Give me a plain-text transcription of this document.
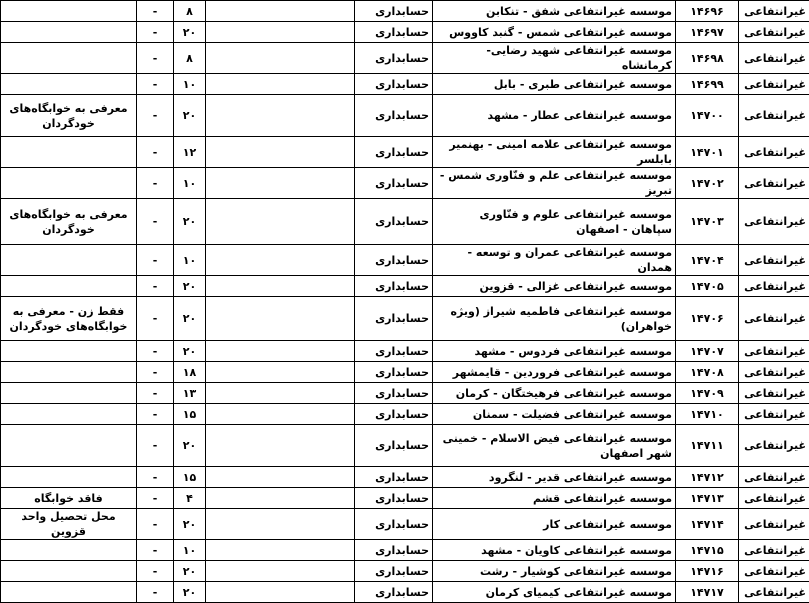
غیرانتفاعی	۱۴۶۹۶	موسسه غیرانتفاعی شفق - تنکابن	حسابداری		۸	-	
غیرانتفاعی	۱۴۶۹۷	موسسه غیرانتفاعی شمس - گنبد کاووس	حسابداری		۲۰	-	
غیرانتفاعی	۱۴۶۹۸	موسسه غیرانتفاعی شهید رضایی- کرمانشاه	حسابداری		۸	-	
غیرانتفاعی	۱۴۶۹۹	موسسه غیرانتفاعی طبری - بابل	حسابداری		۱۰	-	
غیرانتفاعی	۱۴۷۰۰	موسسه غیرانتفاعی عطار - مشهد	حسابداری		۲۰	-	معرفی به خوابگاه‌های خودگردان
غیرانتفاعی	۱۴۷۰۱	موسسه غیرانتفاعی علامه امینی - بهنمیر بابلسر	حسابداری		۱۲	-	
غیرانتفاعی	۱۴۷۰۲	موسسه غیرانتفاعی علم و فنّاوری شمس - تبریز	حسابداری		۱۰	-	
غیرانتفاعی	۱۴۷۰۳	موسسه غیرانتفاعی علوم و فنّاوری سپاهان - اصفهان	حسابداری		۲۰	-	معرفی به خوابگاه‌های خودگردان
غیرانتفاعی	۱۴۷۰۴	موسسه غیرانتفاعی عمران و توسعه - همدان	حسابداری		۱۰	-	
غیرانتفاعی	۱۴۷۰۵	موسسه غیرانتفاعی غزالی - قزوین	حسابداری		۲۰	-	
غیرانتفاعی	۱۴۷۰۶	موسسه غیرانتفاعی فاطمیه شیراز (ویژه خواهران)	حسابداری		۲۰	-	فقط زن - معرفی به خوابگاه‌های خودگردان
غیرانتفاعی	۱۴۷۰۷	موسسه غیرانتفاعی فردوس - مشهد	حسابداری		۲۰	-	
غیرانتفاعی	۱۴۷۰۸	موسسه غیرانتفاعی فروردین - قایمشهر	حسابداری		۱۸	-	
غیرانتفاعی	۱۴۷۰۹	موسسه غیرانتفاعی فرهیختگان - کرمان	حسابداری		۱۳	-	
غیرانتفاعی	۱۴۷۱۰	موسسه غیرانتفاعی فضیلت - سمنان	حسابداری		۱۵	-	
غیرانتفاعی	۱۴۷۱۱	موسسه غیرانتفاعی فیض الاسلام - خمینی شهر اصفهان	حسابداری		۲۰	-	
غیرانتفاعی	۱۴۷۱۲	موسسه غیرانتفاعی قدیر - لنگرود	حسابداری		۱۵	-	
غیرانتفاعی	۱۴۷۱۳	موسسه غیرانتفاعی قشم	حسابداری		۴	-	فاقد خوابگاه
غیرانتفاعی	۱۴۷۱۴	موسسه غیرانتفاعی کار	حسابداری		۲۰	-	محل تحصیل واحد قزوین
غیرانتفاعی	۱۴۷۱۵	موسسه غیرانتفاعی کاویان - مشهد	حسابداری		۱۰	-	
غیرانتفاعی	۱۴۷۱۶	موسسه غیرانتفاعی کوشیار - رشت	حسابداری		۲۰	-	
غیرانتفاعی	۱۴۷۱۷	موسسه غیرانتفاعی کیمیای کرمان	حسابداری		۲۰	-	
